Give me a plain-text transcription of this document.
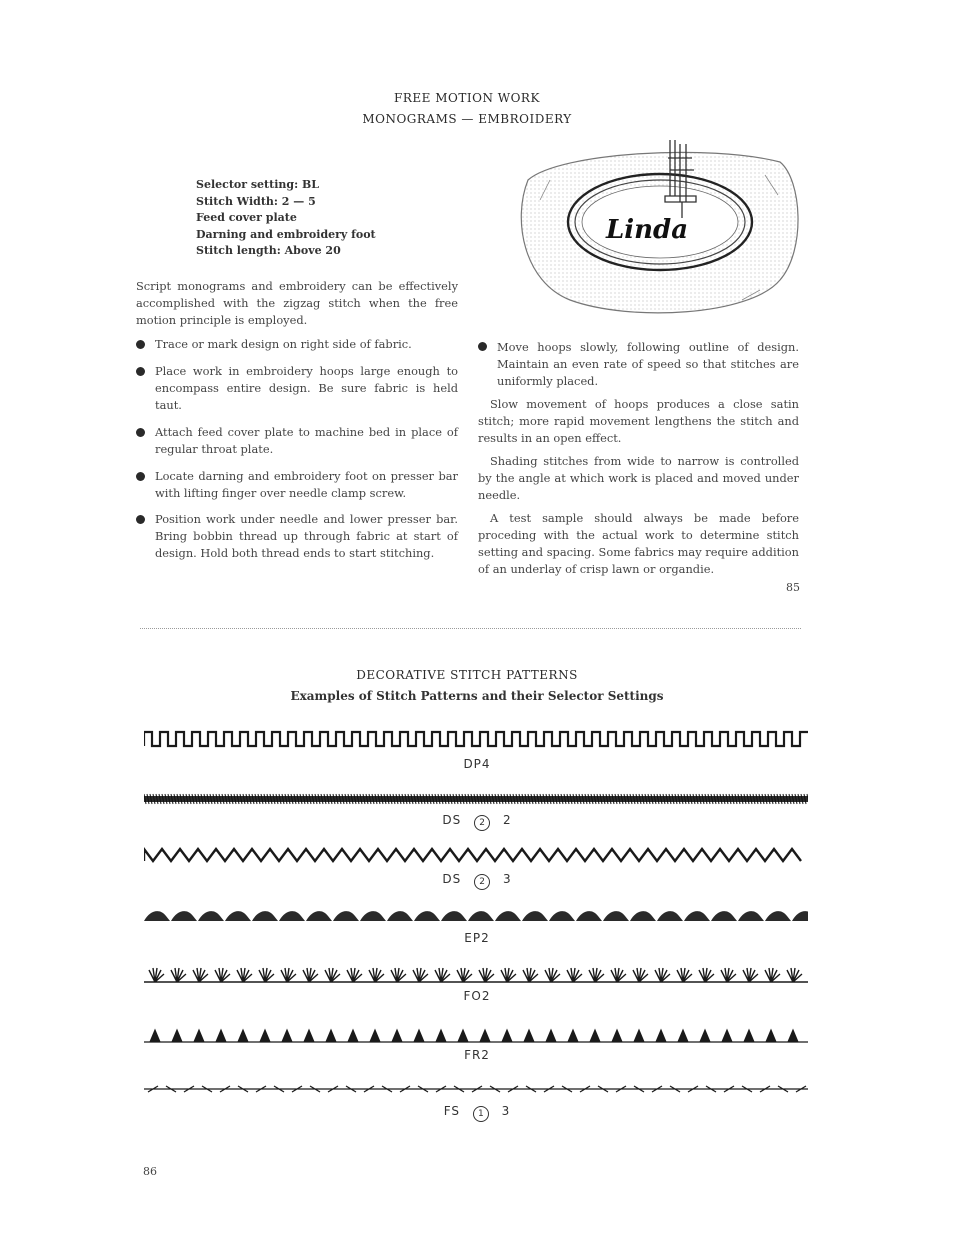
FREE MOTION WORK
MONOGRAMS — EMBROIDERY
Selector setting: BL
Stitch Width: 2 — 5
Feed cover plate
Darning and embroidery foot
Stitch length: Above 20
Linda
Script monograms and embroidery can be effectively accomplished with the zigzag stitch when the free motion principle is employed.
Trace or mark design on right side of fabric.
Place work in embroidery hoops large enough to encompass entire design. Be sure fabric is held taut.
Attach feed cover plate to machine bed in place of regular throat plate.
Locate darning and embroidery foot on presser bar with lifting finger over needle clamp screw.
Position work under needle and lower presser bar. Bring bobbin thread up through fabric at start of design. Hold both thread ends to start stitching.
Move hoops slowly, following outline of design. Maintain an even rate of speed so that stitches are uniformly placed.
Slow movement of hoops produces a close satin stitch; more rapid movement lengthens the stitch and results in an open effect.
Shading stitches from wide to narrow is controlled by the angle at which work is placed and moved under needle.
A test sample should always be made before proceding with the actual work to determine stitch setting and spacing. Some fabrics may require addition of an underlay of crisp lawn or organdie.
85
DECORATIVE STITCH PATTERNS
Examples of Stitch Patterns and their Selector Settings
DP4
DS 2 2
DS 2 3
EP2
FO2
FR2
FS 1 3
86
